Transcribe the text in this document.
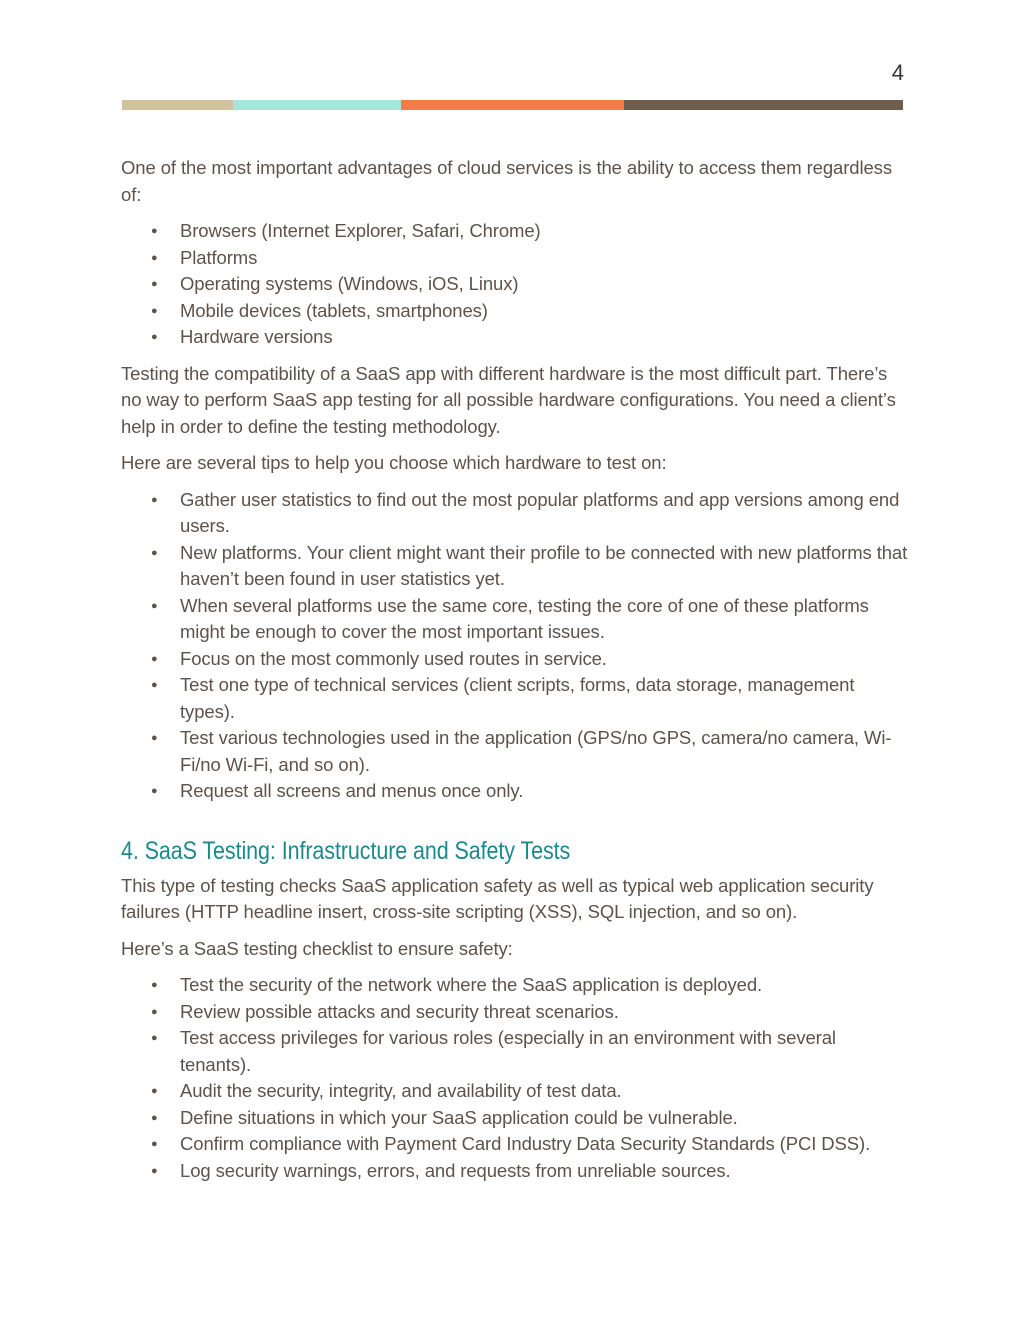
4

One of the most important advantages of cloud services is the ability to access them regardless of:

●
Browsers (Internet Explorer, Safari, Chrome)
●
Platforms
●
Operating systems (Windows, iOS, Linux)
●
Mobile devices (tablets, smartphones)
●
Hardware versions

Testing the compatibility of a SaaS app with different hardware is the most difficult part. There’s no way to perform SaaS app testing for all possible hardware configurations. You need a client’s help in order to define the testing methodology.

Here are several tips to help you choose which hardware to test on:

●
Gather user statistics to find out the most popular platforms and app versions among end users.
●
New platforms. Your client might want their profile to be connected with new platforms that haven’t been found in user statistics yet.
●
When several platforms use the same core, testing the core of one of these platforms might be enough to cover the most important issues.
●
Focus on the most commonly used routes in service.
●
Test one type of technical services (client scripts, forms, data storage, management types).
●
Test various technologies used in the application (GPS/no GPS, camera/no camera, Wi-Fi/no Wi-Fi, and so on).
●
Request all screens and menus once only.
4. SaaS Testing: Infrastructure and Safety Tests

This type of testing checks SaaS application safety as well as typical web application security failures (HTTP headline insert, cross-site scripting (XSS), SQL injection, and so on).

Here’s a SaaS testing checklist to ensure safety:

●
Test the security of the network where the SaaS application is deployed.
●
Review possible attacks and security threat scenarios.
●
Test access privileges for various roles (especially in an environment with several tenants).
●
Audit the security, integrity, and availability of test data.
●
Define situations in which your SaaS application could be vulnerable.
●
Confirm compliance with Payment Card Industry Data Security Standards (PCI DSS).
●
Log security warnings, errors, and requests from unreliable sources.
